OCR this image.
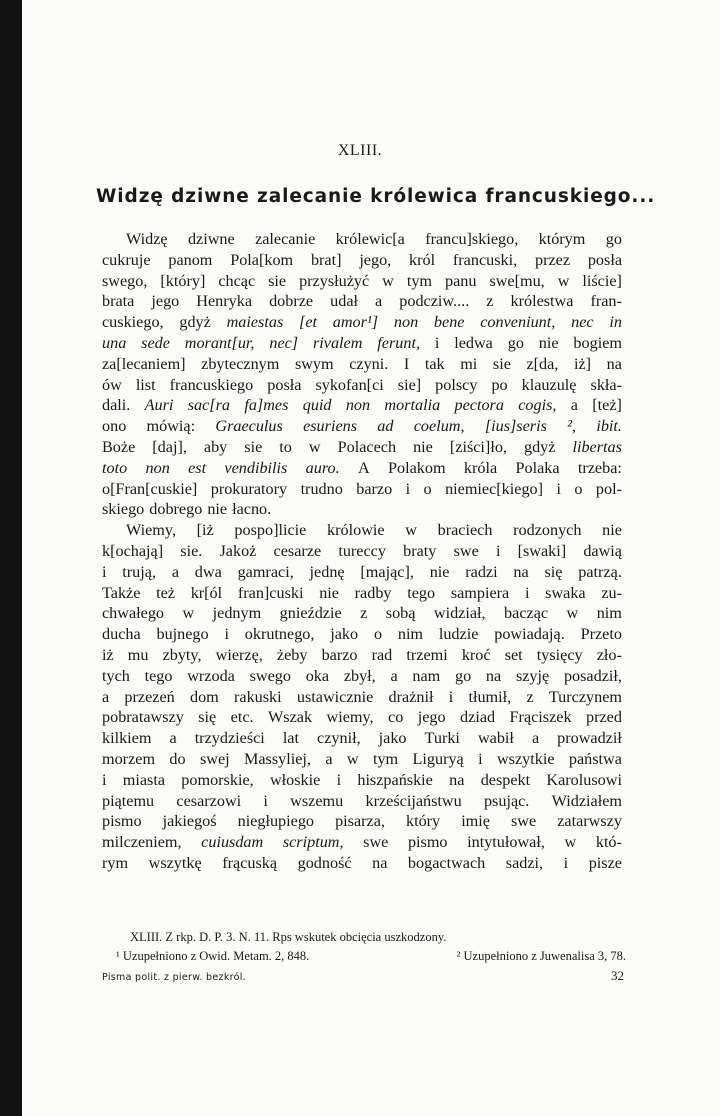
XLIII.
Widzę dziwne zalecanie królewica francuskiego...
Widzę dziwne zalecanie królewic[a francu]skiego, którym go
cukruje panom Pola[kom brat] jego, król francuski, przez posła
swego, [który] chcąc sie przysłużyć w tym panu swe[mu, w liście]
brata jego Henryka dobrze udał a podcziw.... z królestwa fran-
cuskiego, gdyż maiestas [et amor¹] non bene conveniunt, nec in
una sede morant[ur, nec] rivalem ferunt, i ledwa go nie bogiem
za[lecaniem] zbytecznym swym czyni. I tak mi sie z[da, iż] na
ów list francuskiego posła sykofan[ci sie] polscy po klauzulę skła-
dali. Auri sac[ra fa]mes quid non mortalia pectora cogis, a [też]
ono mówią: Graeculus esuriens ad coelum, [ius]seris ², ibit.
Boże [daj], aby sie to w Polacech nie [ziści]ło, gdyż libertas
toto non est vendibilis auro. A Polakom króla Polaka trzeba:
o[Fran[cuskie] prokuratory trudno barzo i o niemiec[kiego] i o pol-
skiego dobrego nie łacno.
Wiemy, [iż pospo]licie królowie w braciech rodzonych nie
k[ochają] sie. Jakoż cesarze tureccy braty swe i [swaki] dawią
i trują, a dwa gamraci, jednę [mając], nie radzi na się patrzą.
Także też kr[ól fran]cuski nie radby tego sampiera i swaka zu-
chwałego w jednym gnieździe z sobą widział, bacząc w nim
ducha bujnego i okrutnego, jako o nim ludzie powiadają. Przeto
iż mu zbyty, wierzę, żeby barzo rad trzemi kroć set tysięcy zło-
tych tego wrzoda swego oka zbył, a nam go na szyję posadził,
a przezeń dom rakuski ustawicznie drażnił i tłumił, z Turczynem
pobratawszy się etc. Wszak wiemy, co jego dziad Frąciszek przed
kilkiem a trzydzieści lat czynił, jako Turki wabił a prowadził
morzem do swej Massyliej, a w tym Liguryą i wszytkie państwa
i miasta pomorskie, włoskie i hiszpańskie na despekt Karolusowi
piątemu cesarzowi i wszemu krześcijaństwu psując. Widziałem
pismo jakiegoś niegłupiego pisarza, który imię swe zatarwszy
milczeniem, cuiusdam scriptum, swe pismo intytułował, w któ-
rym wszytkę frącuską godność na bogactwach sadzi, i pisze
XLIII. Z rkp. D. P. 3. N. 11. Rps wskutek obcięcia uszkodzony.
¹ Uzupełniono z Owid. Metam. 2, 848.	² Uzupełniono z Juwenalisa 3, 78.
Pisma polit. z pierw. bezkról.	32
